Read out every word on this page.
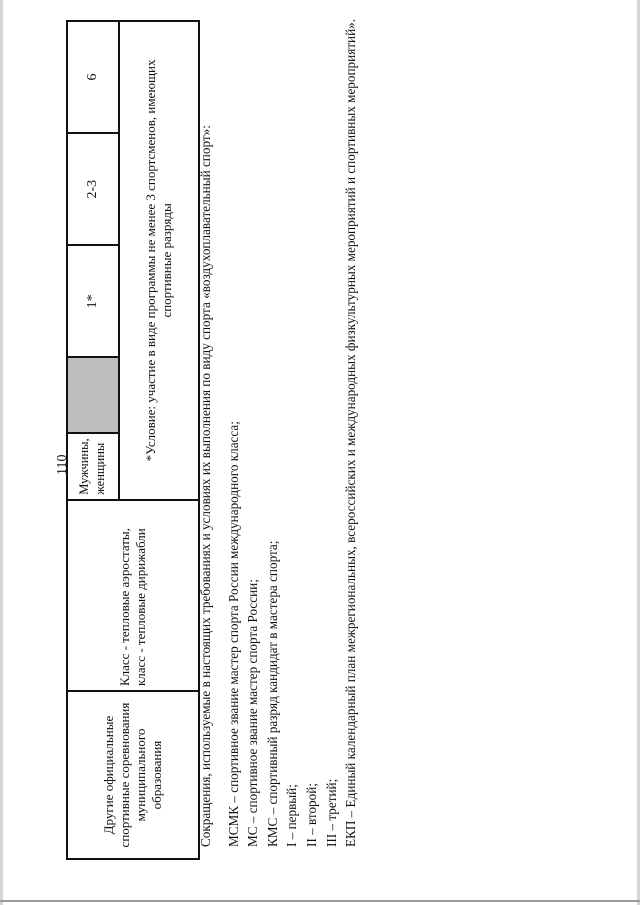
110
Другие официальные спортивные соревнования муниципального образования	Класс - тепловые аэростаты, класс - тепловые дирижабли	Мужчины, женщины		1*	2-3	6
*Условие: участие в виде программы не менее 3 спортсменов, имеющих спортивные разряды Сокращения, используемые в настоящих требованиях и условиях их выполнения по виду спорта «воздухоплавательный спорт»: МСМК – спортивное звание мастер спорта России международного класса; МС – спортивное звание мастер спорта России; КМС – спортивный разряд кандидат в мастера спорта; I – первый; II – второй; III – третий; ЕКП – Единый календарный план межрегиональных, всероссийских и международных физкультурных мероприятий и спортивных мероприятий».
